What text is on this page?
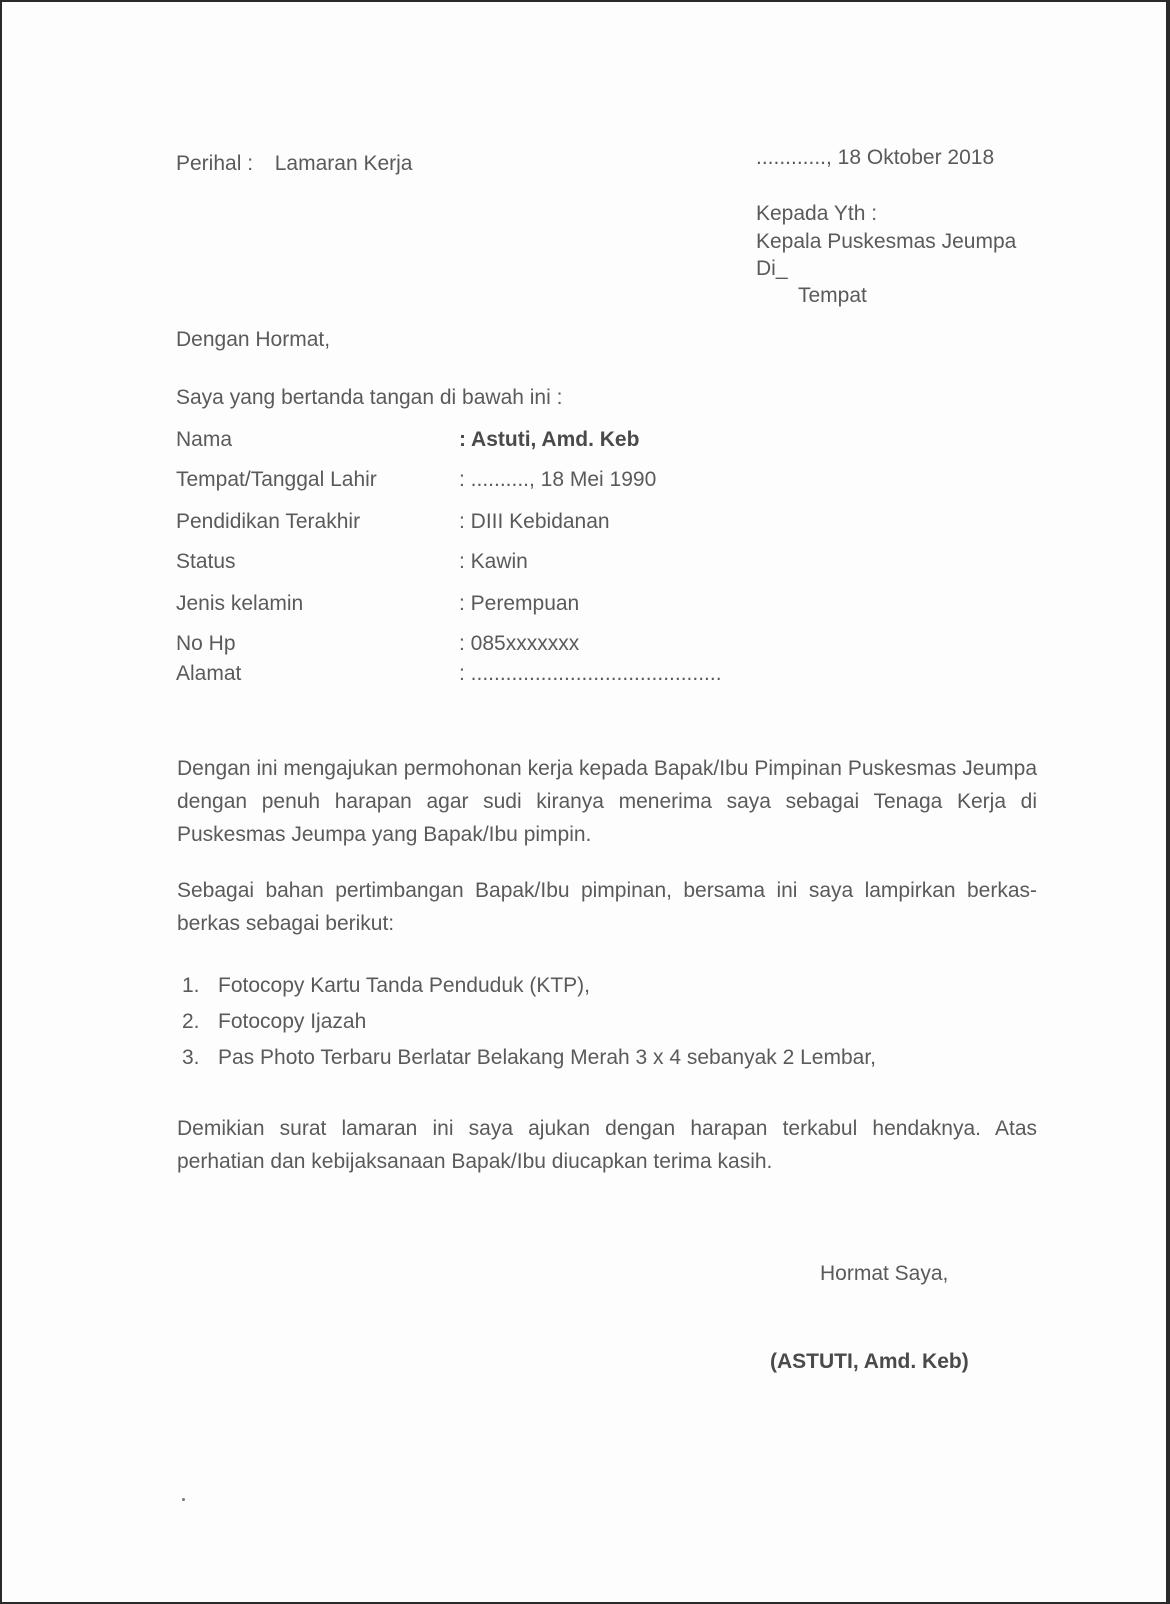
Perihal : Lamaran Kerja	............, 18 Oktober 2018
Kepada Yth :
Kepala Puskesmas Jeumpa
Di_
Tempat
Dengan Hormat,
Saya yang bertanda tangan di bawah ini :
Nama	: Astuti, Amd. Keb
Tempat/Tanggal Lahir	: .........., 18 Mei 1990
Pendidikan Terakhir	: DIII Kebidanan
Status	: Kawin
Jenis kelamin	: Perempuan
No Hp	: 085xxxxxxx
Alamat	: ...........................................
Dengan ini mengajukan permohonan kerja kepada Bapak/Ibu Pimpinan Puskesmas Jeumpa dengan penuh harapan agar sudi kiranya menerima saya sebagai Tenaga Kerja di Puskesmas Jeumpa yang Bapak/Ibu pimpin.
Sebagai bahan pertimbangan Bapak/Ibu pimpinan, bersama ini saya lampirkan berkas-berkas sebagai berikut:
1. Fotocopy Kartu Tanda Penduduk (KTP),
2. Fotocopy Ijazah
3. Pas Photo Terbaru Berlatar Belakang Merah 3 x 4 sebanyak 2 Lembar,
Demikian surat lamaran ini saya ajukan dengan harapan terkabul hendaknya. Atas perhatian dan kebijaksanaan Bapak/Ibu diucapkan terima kasih.
Hormat Saya,
(ASTUTI, Amd. Keb)
